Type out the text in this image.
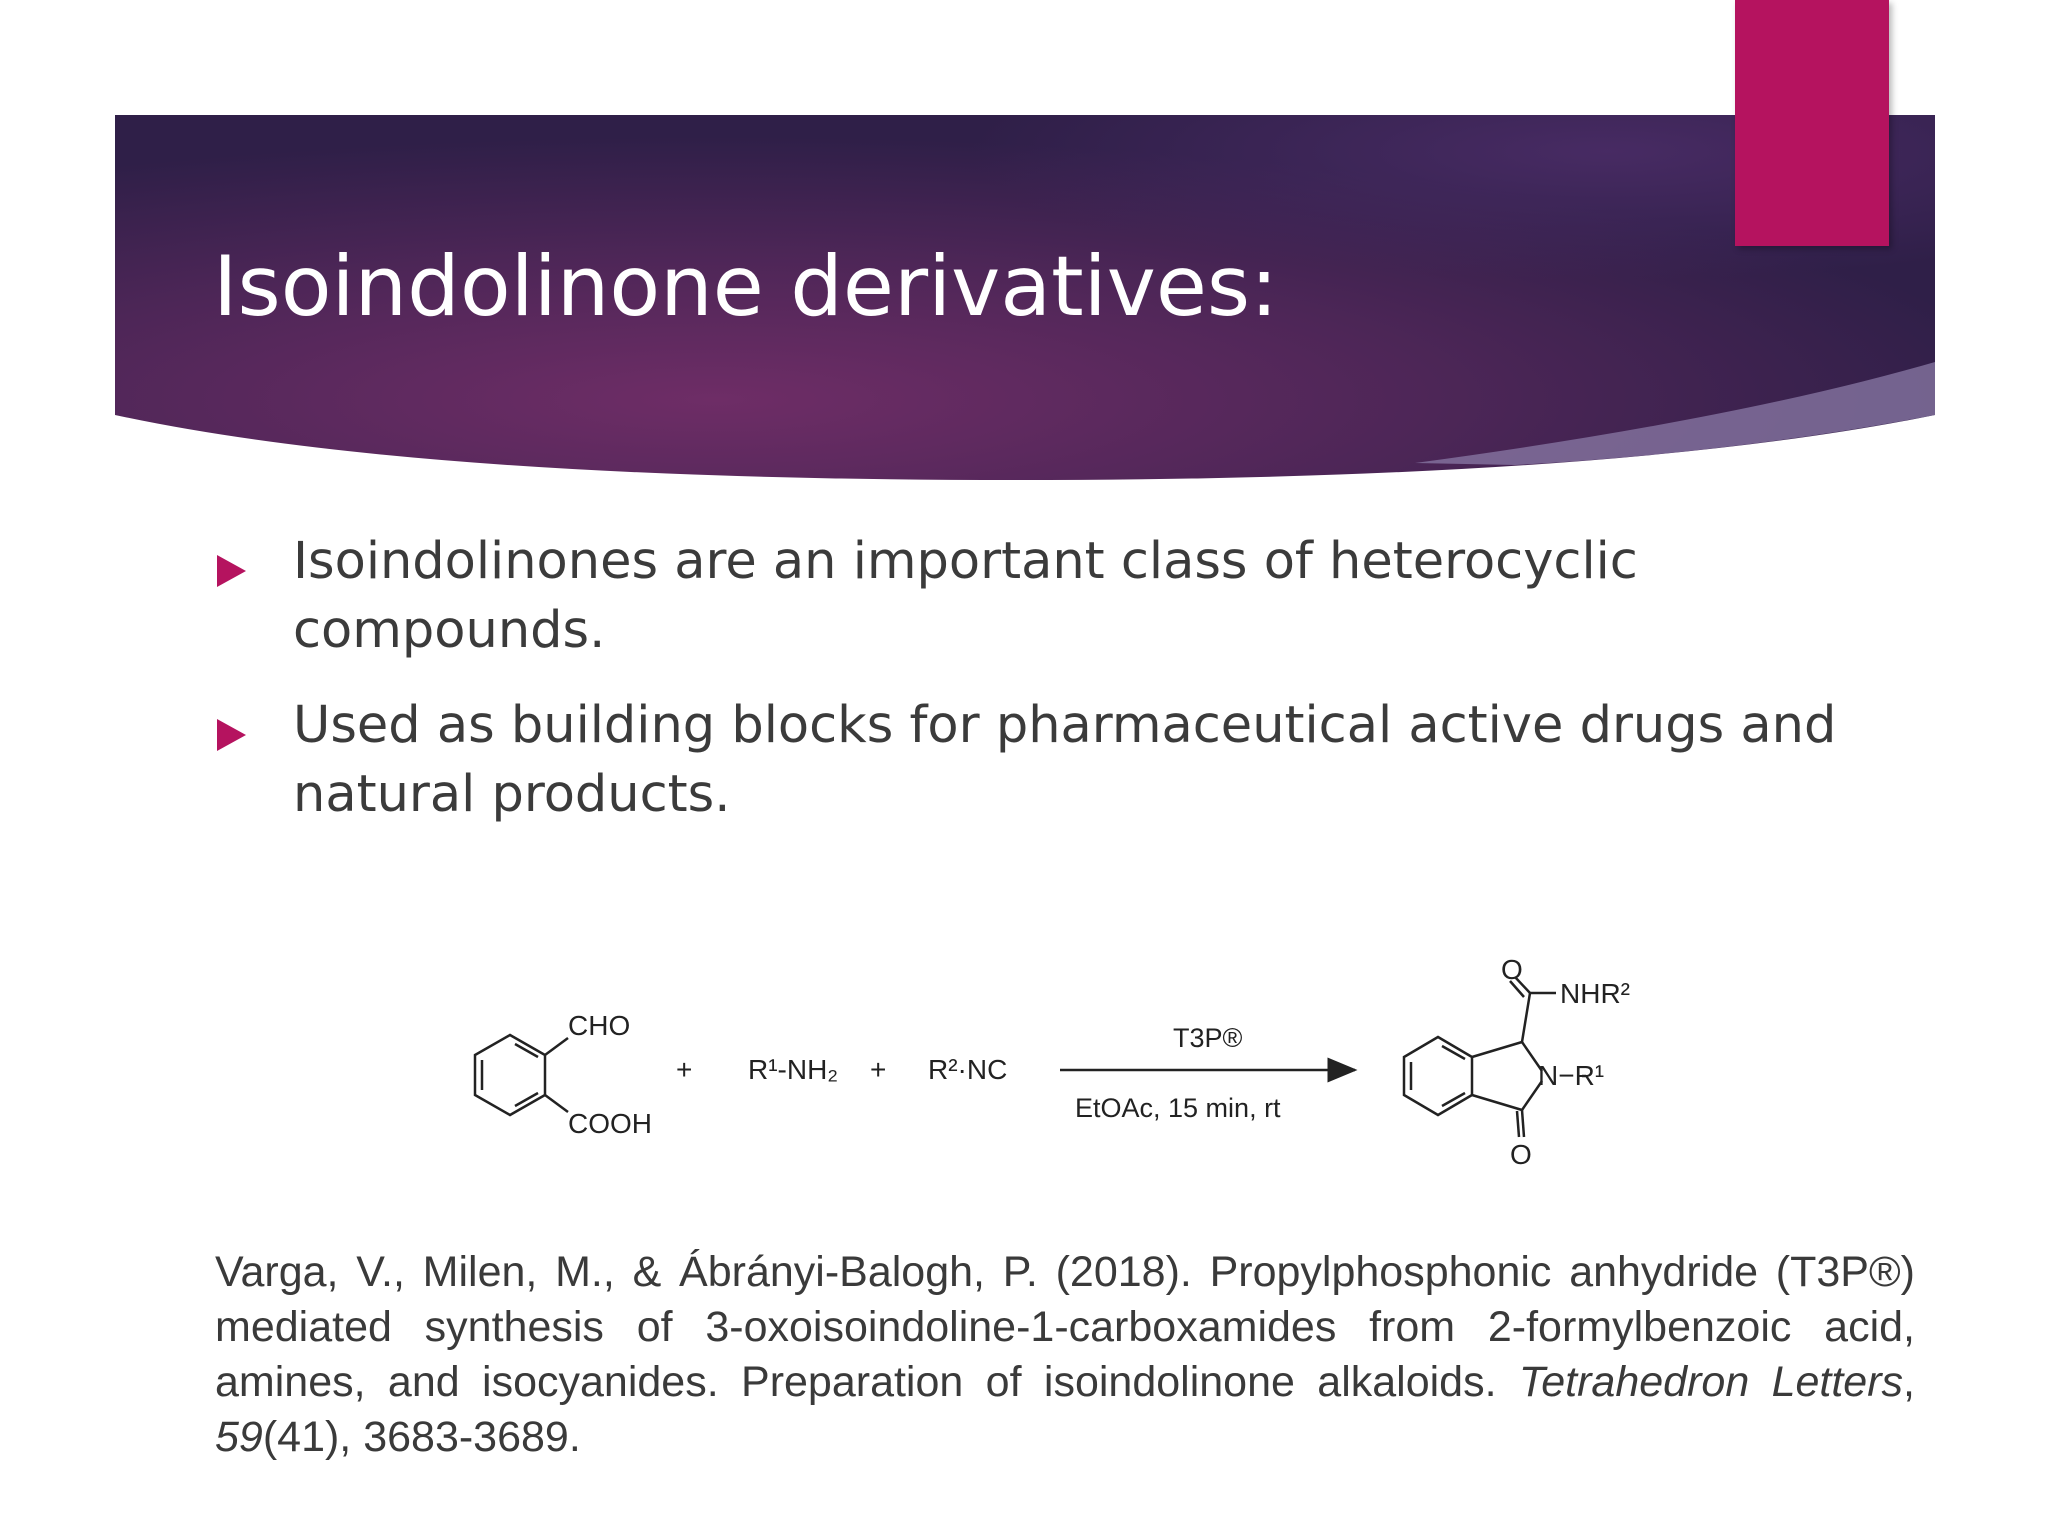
Isoindolinone derivatives:
Isoindolinones are an important class of heterocyclic compounds.
Used as building blocks for pharmaceutical active drugs and natural products.
CHO
COOH
+ R¹-NH₂ + R²·NC
T3P®
EtOAc, 15 min, rt
O
NHR²
N−R¹
O

Varga, V., Milen, M., & Ábrányi-Balogh, P. (2018). Propylphosphonic anhydride (T3P®) mediated synthesis of 3-oxoisoindoline-1-carboxamides from 2-formylbenzoic acid, amines, and isocyanides. Preparation of isoindolinone alkaloids. Tetrahedron Letters, 59(41), 3683-3689.
